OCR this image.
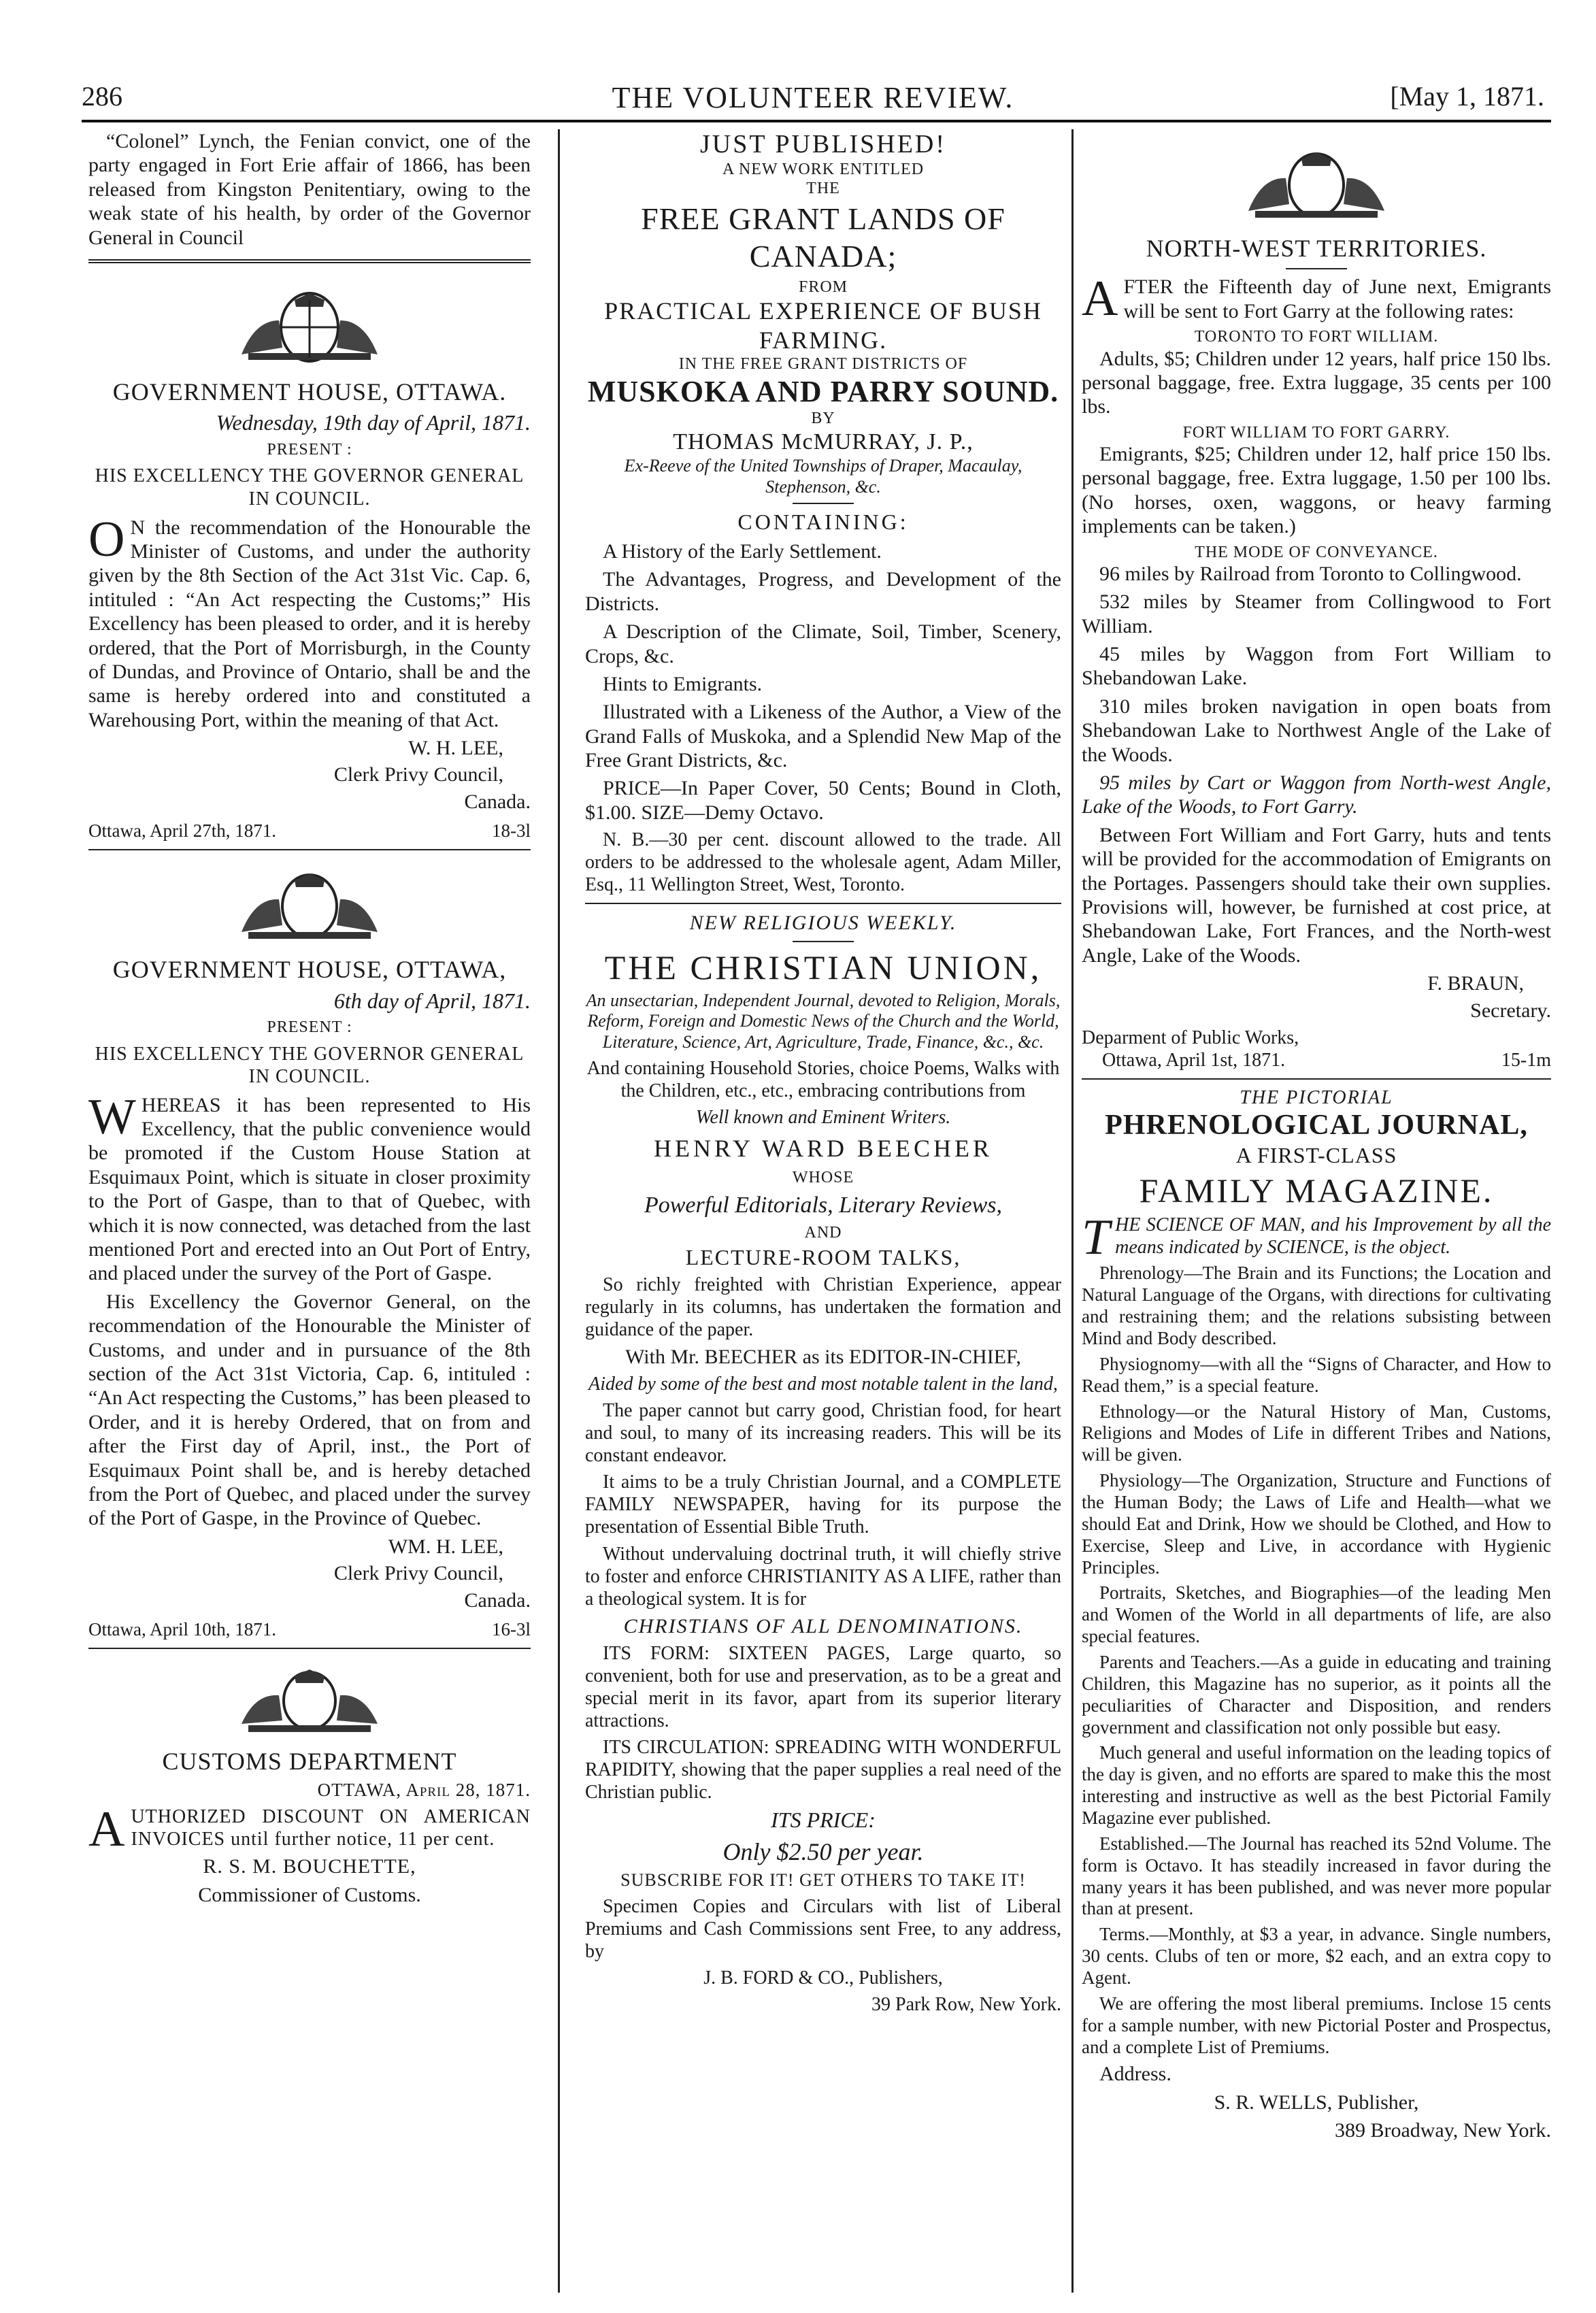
286	THE VOLUNTEER REVIEW.	[May 1, 1871.

“Colonel” Lynch, the Fenian convict, one of the party engaged in Fort Erie affair of 1866, has been released from Kingston Penitentiary, owing to the weak state of his health, by order of the Governor General in Council

GOVERNMENT HOUSE, OTTAWA.

Wednesday, 19th day of April, 1871.

PRESENT :
HIS EXCELLENCY THE GOVERNOR GENERAL IN COUNCIL.

ON the recommendation of the Honourable the Minister of Customs, and under the authority given by the 8th Section of the Act 31st Vic. Cap. 6, intituled : “An Act respecting the Customs;” His Excellency has been pleased to order, and it is hereby ordered, that the Port of Morrisburgh, in the County of Dundas, and Province of Ontario, shall be and the same is hereby ordered into and constituted a Warehousing Port, within the meaning of that Act.

W. H. LEE,

Clerk Privy Council,

Canada.

Ottawa, April 27th, 1871.	18-3l
GOVERNMENT HOUSE, OTTAWA,

6th day of April, 1871.

PRESENT :
HIS EXCELLENCY THE GOVERNOR GENERAL IN COUNCIL.

WHEREAS it has been represented to His Excellency, that the public convenience would be promoted if the Custom House Station at Esquimaux Point, which is situate in closer proximity to the Port of Gaspe, than to that of Quebec, with which it is now connected, was detached from the last mentioned Port and erected into an Out Port of Entry, and placed under the survey of the Port of Gaspe.

His Excellency the Governor General, on the recommendation of the Honourable the Minister of Customs, and under and in pursuance of the 8th section of the Act 31st Victoria, Cap. 6, intituled : “An Act respecting the Customs,” has been pleased to Order, and it is hereby Ordered, that on from and after the First day of April, inst., the Port of Esquimaux Point shall be, and is hereby detached from the Port of Quebec, and placed under the survey of the Port of Gaspe, in the Province of Quebec.

WM. H. LEE,

Clerk Privy Council,

Canada.

Ottawa, April 10th, 1871.	16-3l
CUSTOMS DEPARTMENT

OTTAWA, April 28, 1871.

AUTHORIZED DISCOUNT ON AMERICAN INVOICES until further notice, 11 per cent.

R. S. M. BOUCHETTE,

Commissioner of Customs.

JUST PUBLISHED!
A NEW WORK ENTITLED
THE
FREE GRANT LANDS OF CANADA;
FROM
PRACTICAL EXPERIENCE OF BUSH FARMING.
IN THE FREE GRANT DISTRICTS OF
MUSKOKA AND PARRY SOUND.
BY
THOMAS McMURRAY, J. P.,

Ex-Reeve of the United Townships of Draper, Macaulay, Stephenson, &c.

CONTAINING:

A History of the Early Settlement.

The Advantages, Progress, and Development of the Districts.

A Description of the Climate, Soil, Timber, Scenery, Crops, &c.

Hints to Emigrants.

Illustrated with a Likeness of the Author, a View of the Grand Falls of Muskoka, and a Splendid New Map of the Free Grant Districts, &c.

PRICE—In Paper Cover, 50 Cents; Bound in Cloth, $1.00. SIZE—Demy Octavo.

N. B.—30 per cent. discount allowed to the trade. All orders to be addressed to the wholesale agent, Adam Miller, Esq., 11 Wellington Street, West, Toronto.

NEW RELIGIOUS WEEKLY.
THE CHRISTIAN UNION,

An unsectarian, Independent Journal, devoted to Religion, Morals, Reform, Foreign and Domestic News of the Church and the World, Literature, Science, Art, Agriculture, Trade, Finance, &c., &c.

And containing Household Stories, choice Poems, Walks with the Children, etc., etc., embracing contributions from

Well known and Eminent Writers.

HENRY WARD BEECHER
WHOSE

Powerful Editorials, Literary Reviews,

AND
LECTURE-ROOM TALKS,

So richly freighted with Christian Experience, appear regularly in its columns, has undertaken the formation and guidance of the paper.

With Mr. BEECHER as its EDITOR-IN-CHIEF,

Aided by some of the best and most notable talent in the land,

The paper cannot but carry good, Christian food, for heart and soul, to many of its increasing readers. This will be its constant endeavor.

It aims to be a truly Christian Journal, and a COMPLETE FAMILY NEWSPAPER, having for its purpose the presentation of Essential Bible Truth.

Without undervaluing doctrinal truth, it will chiefly strive to foster and enforce CHRISTIANITY AS A LIFE, rather than a theological system. It is for

CHRISTIANS OF ALL DENOMINATIONS.

ITS FORM: SIXTEEN PAGES, Large quarto, so convenient, both for use and preservation, as to be a great and special merit in its favor, apart from its superior literary attractions.

ITS CIRCULATION: SPREADING WITH WONDERFUL RAPIDITY, showing that the paper supplies a real need of the Christian public.

ITS PRICE:
Only $2.50 per year.

SUBSCRIBE FOR IT! GET OTHERS TO TAKE IT!

Specimen Copies and Circulars with list of Liberal Premiums and Cash Commissions sent Free, to any address, by

J. B. FORD & CO., Publishers,

39 Park Row, New York.

NORTH-WEST TERRITORIES.

AFTER the Fifteenth day of June next, Emigrants will be sent to Fort Garry at the following rates:

TORONTO TO FORT WILLIAM.

Adults, $5; Children under 12 years, half price 150 lbs. personal baggage, free. Extra luggage, 35 cents per 100 lbs.

FORT WILLIAM TO FORT GARRY.

Emigrants, $25; Children under 12, half price 150 lbs. personal baggage, free. Extra luggage, 1.50 per 100 lbs. (No horses, oxen, waggons, or heavy farming implements can be taken.)

THE MODE OF CONVEYANCE.

96 miles by Railroad from Toronto to Collingwood.

532 miles by Steamer from Collingwood to Fort William.

45 miles by Waggon from Fort William to Shebandowan Lake.

310 miles broken navigation in open boats from Shebandowan Lake to Northwest Angle of the Lake of the Woods.

95 miles by Cart or Waggon from North-west Angle, Lake of the Woods, to Fort Garry.

Between Fort William and Fort Garry, huts and tents will be provided for the accommodation of Emigrants on the Portages. Passengers should take their own supplies. Provisions will, however, be furnished at cost price, at Shebandowan Lake, Fort Frances, and the North-west Angle, Lake of the Woods.

F. BRAUN,

Secretary.

Deparment of Public Works,
Ottawa, April 1st, 1871.	15-1m
THE PICTORIAL
PHRENOLOGICAL JOURNAL,
A FIRST-CLASS
FAMILY MAGAZINE.

THE SCIENCE OF MAN, and his Improvement by all the means indicated by SCIENCE, is the object.

Phrenology—The Brain and its Functions; the Location and Natural Language of the Organs, with directions for cultivating and restraining them; and the relations subsisting between Mind and Body described.

Physiognomy—with all the “Signs of Character, and How to Read them,” is a special feature.

Ethnology—or the Natural History of Man, Customs, Religions and Modes of Life in different Tribes and Nations, will be given.

Physiology—The Organization, Structure and Functions of the Human Body; the Laws of Life and Health—what we should Eat and Drink, How we should be Clothed, and How to Exercise, Sleep and Live, in accordance with Hygienic Principles.

Portraits, Sketches, and Biographies—of the leading Men and Women of the World in all departments of life, are also special features.

Parents and Teachers.—As a guide in educating and training Children, this Magazine has no superior, as it points all the peculiarities of Character and Disposition, and renders government and classification not only possible but easy.

Much general and useful information on the leading topics of the day is given, and no efforts are spared to make this the most interesting and instructive as well as the best Pictorial Family Magazine ever published.

Established.—The Journal has reached its 52nd Volume. The form is Octavo. It has steadily increased in favor during the many years it has been published, and was never more popular than at present.

Terms.—Monthly, at $3 a year, in advance. Single numbers, 30 cents. Clubs of ten or more, $2 each, and an extra copy to Agent.

We are offering the most liberal premiums. Inclose 15 cents for a sample number, with new Pictorial Poster and Prospectus, and a complete List of Premiums.

Address.

S. R. WELLS, Publisher,

389 Broadway, New York.
